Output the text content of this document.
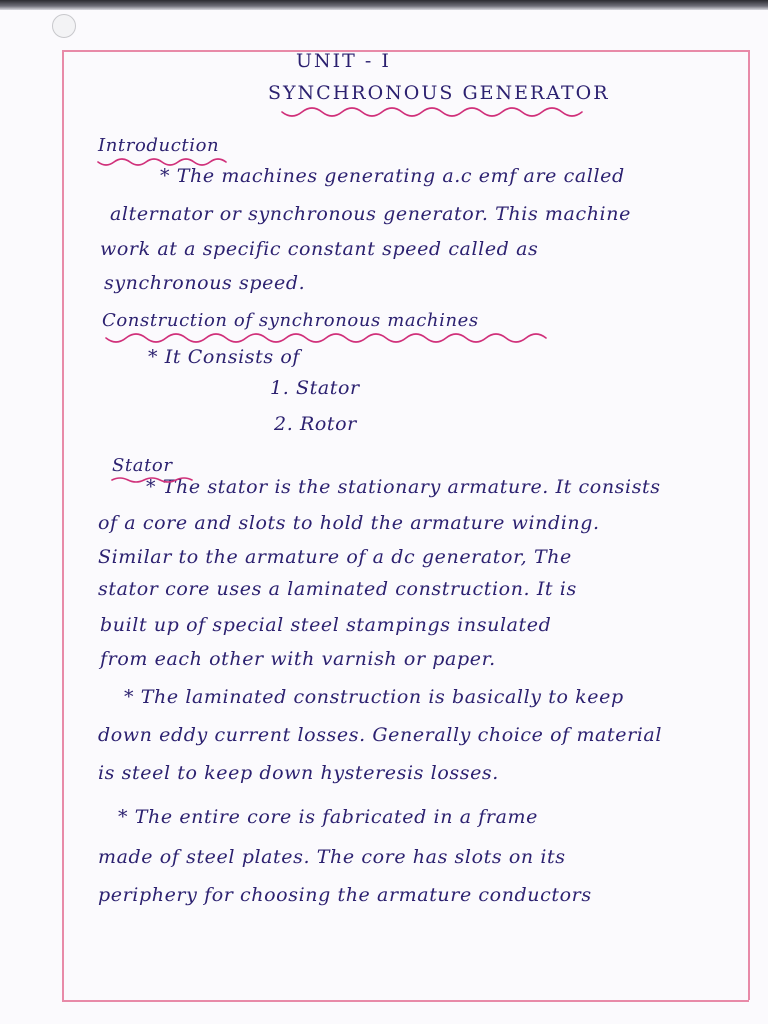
UNIT - I
SYNCHRONOUS GENERATOR
Introduction
* The machines generating a.c emf are called
alternator or synchronous generator. This machine
work at a specific constant speed called as
synchronous speed.
Construction of synchronous machines
* It Consists of
1. Stator
2. Rotor
Stator
* The stator is the stationary armature. It consists
of a core and slots to hold the armature winding.
Similar to the armature of a dc generator, The
stator core uses a laminated construction. It is
built up of special steel stampings insulated
from each other with varnish or paper.
* The laminated construction is basically to keep
down eddy current losses. Generally choice of material
is steel to keep down hysteresis losses.
* The entire core is fabricated in a frame
made of steel plates. The core has slots on its
periphery for choosing the armature conductors
